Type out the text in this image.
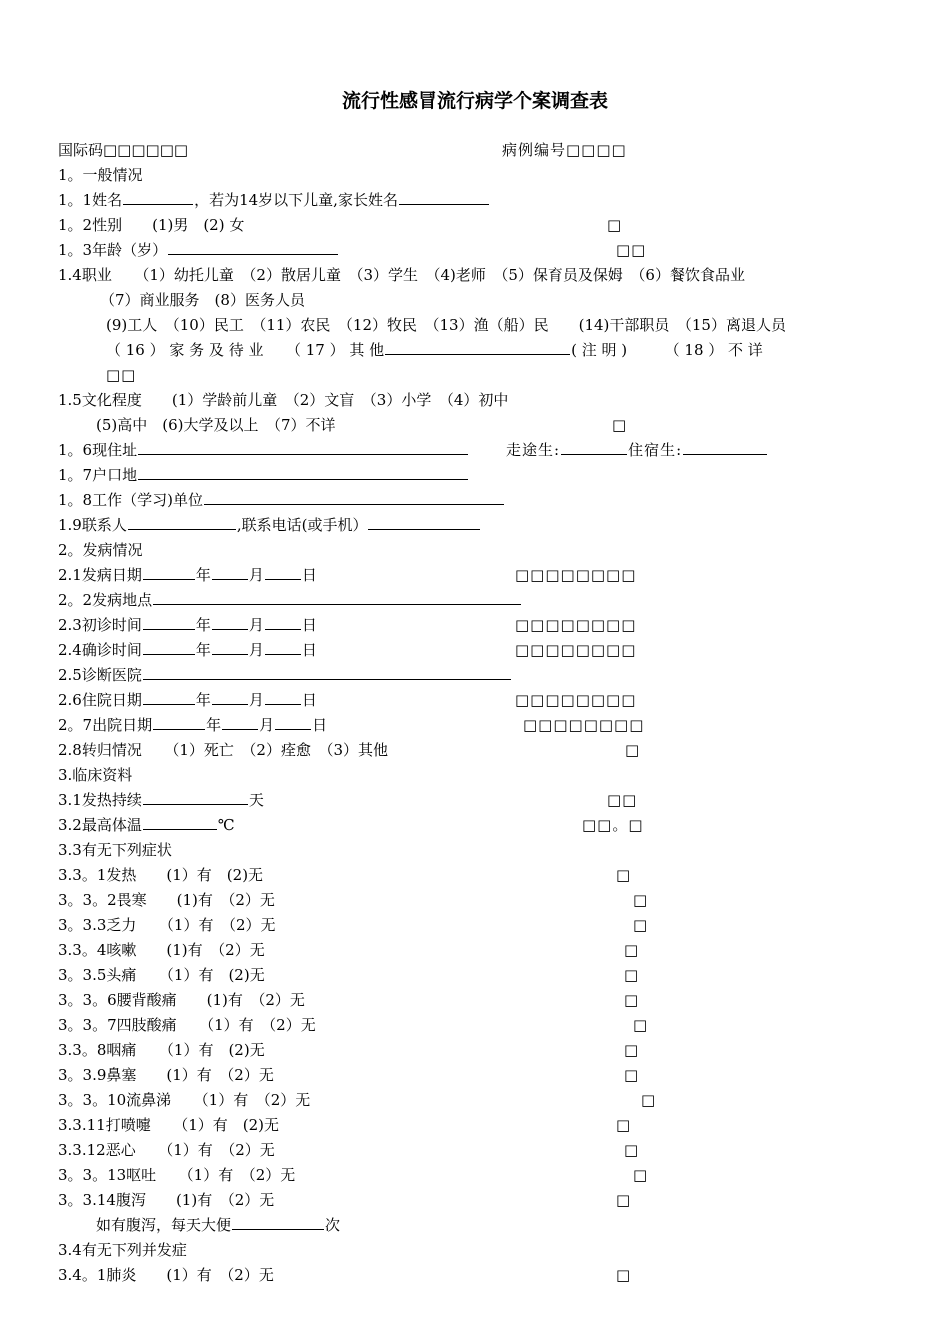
流行性感冒流行病学个案调查表
国际码□□□□□□	病例编号□□□□
1。一般情况
1。1姓名	，若为14岁以下儿童,家长姓名
1。2性别　　(1)男　(2) 女	□
1。3年龄（岁）	□□
1.4职业　　（1）幼托儿童　（2）散居儿童　（3）学生　（4)老师　（5）保育员及保姆　（6）餐饮食品业
（7）商业服务　(8）医务人员
(9)工人　（10）民工　（11）农民　（12）牧民　（13）渔（船）民　　(14)干部职员　（15）离退人员
（ 16 ） 家 务 及 待 业　　（ 17 ） 其 他	( 注 明 )　　　（ 18 ） 不 详
□□
1.5文化程度　　(1）学龄前儿童　（2）文盲　（3）小学　（4）初中
(5)高中　(6)大学及以上　（7）不详	□
1。6现住址	走途生:	住宿生:
1。7户口地
1。8工作（学习)单位
1.9联系人	,联系电话(或手机）
2。发病情况
2.1发病日期	年	月	日	□□□□□□□□
2。2发病地点
2.3初诊时间	年	月	日	□□□□□□□□
2.4确诊时间	年	月	日	□□□□□□□□
2.5诊断医院
2.6住院日期	年	月	日	□□□□□□□□
2。7出院日期	年	月	日	□□□□□□□□
2.8转归情况　　（1）死亡　（2）痊愈　（3）其他	□
3.临床资料
3.1发热持续	天	□□
3.2最高体温	℃	□□。□
3.3有无下列症状
3.3。1发热　　(1）有　(2)无	□
3。3。2畏寒　　(1)有　（2）无	□
3。3.3乏力　　（1）有　（2）无	□
3.3。4咳嗽　　(1)有　（2）无	□
3。3.5头痛　　（1）有　(2)无	□
3。3。6腰背酸痛　　(1)有　（2）无	□
3。3。7四肢酸痛　　（1）有　（2）无	□
3.3。8咽痛　　（1）有　(2)无	□
3。3.9鼻塞　　(1）有　（2）无	□
3。3。10流鼻涕　　（1）有　（2）无	□
3.3.11打喷嚏　　（1）有　(2)无	□
3.3.12恶心　　（1）有　（2）无	□
3。3。13呕吐　　（1）有　（2）无	□
3。3.14腹泻　　(1)有　（2）无	□
如有腹泻，每天大便	次
3.4有无下列并发症
3.4。1肺炎　　(1）有　（2）无	□
